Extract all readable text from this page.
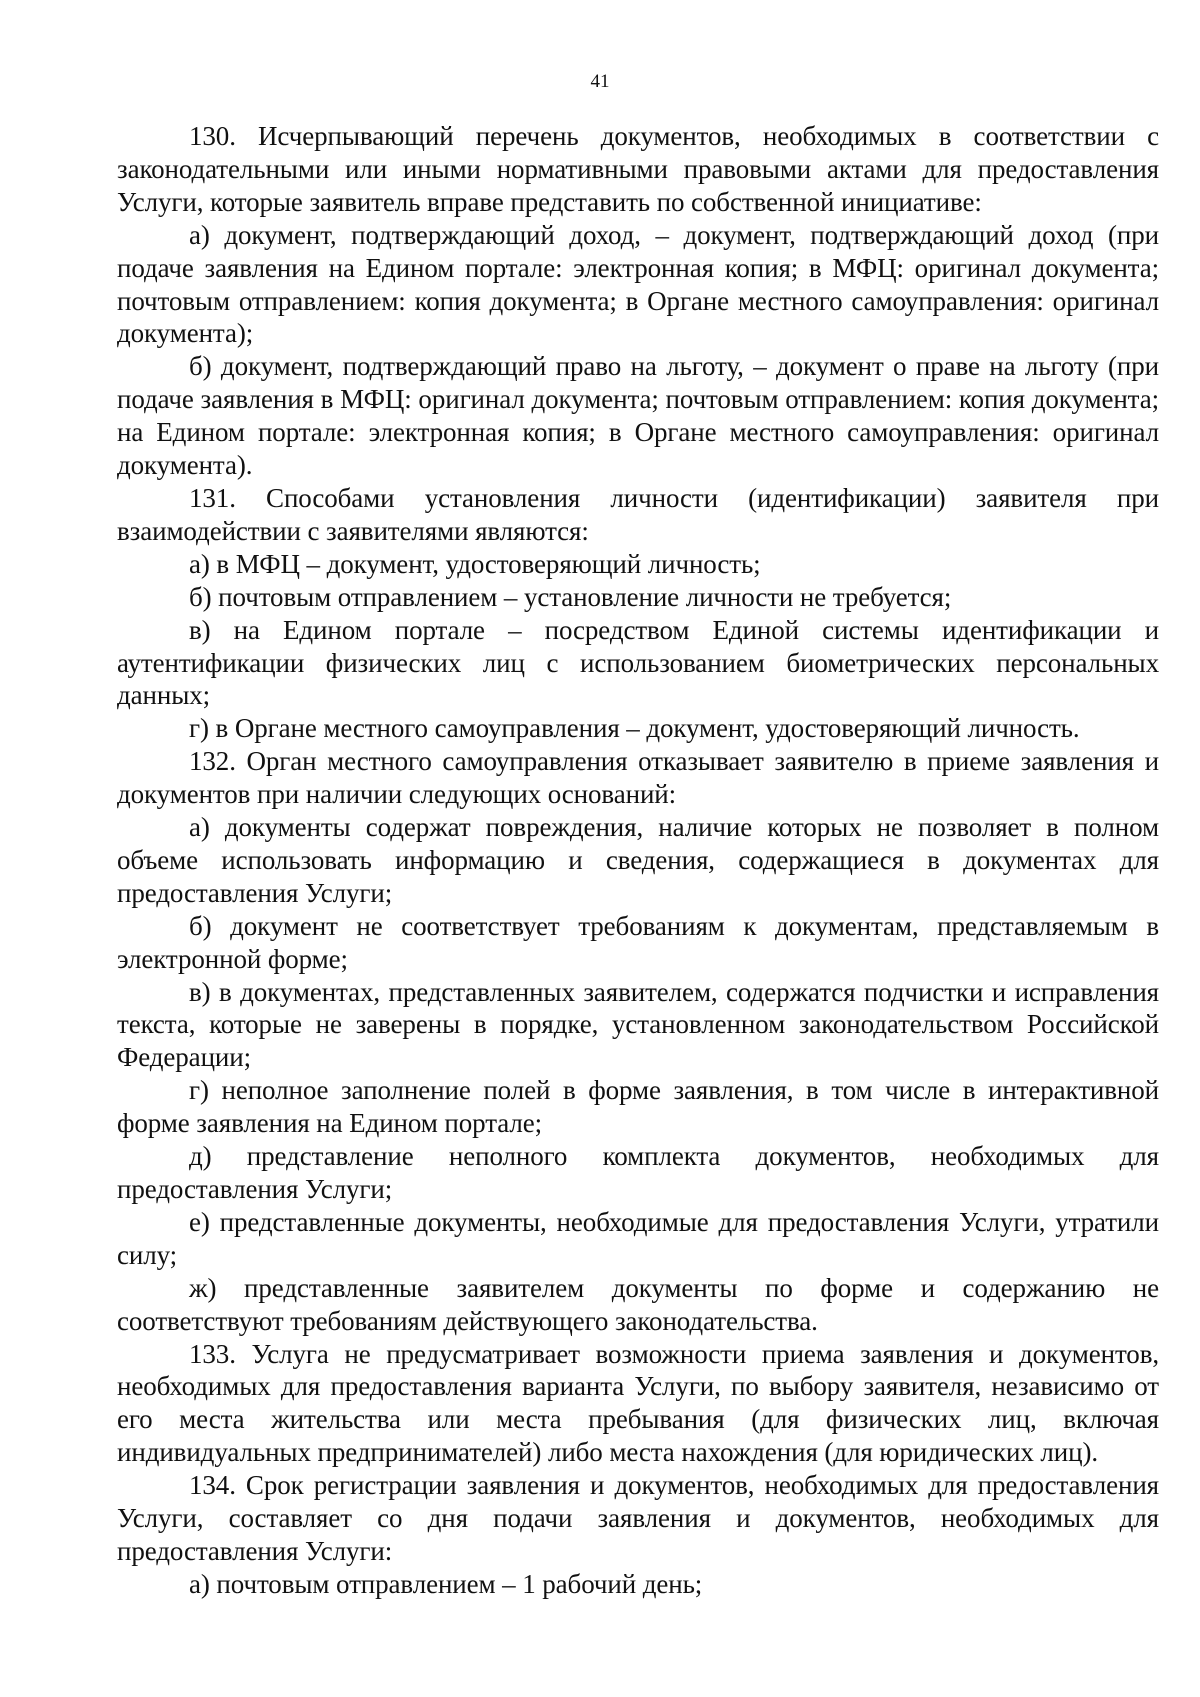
41

130. Исчерпывающий перечень документов, необходимых в соответствии с законодательными или иными нормативными правовыми актами для предоставления Услуги, которые заявитель вправе представить по собственной инициативе:

а) документ, подтверждающий доход, – документ, подтверждающий доход (при подаче заявления на Едином портале: электронная копия; в МФЦ: оригинал документа; почтовым отправлением: копия документа; в Органе местного самоуправления: оригинал документа);

б) документ, подтверждающий право на льготу, – документ о праве на льготу (при подаче заявления в МФЦ: оригинал документа; почтовым отправлением: копия документа; на Едином портале: электронная копия; в Органе местного самоуправления: оригинал документа).

131. Способами установления личности (идентификации) заявителя при взаимодействии с заявителями являются:

а) в МФЦ – документ, удостоверяющий личность;

б) почтовым отправлением – установление личности не требуется;

в) на Едином портале – посредством Единой системы идентификации и аутентификации физических лиц с использованием биометрических персональных данных;

г) в Органе местного самоуправления – документ, удостоверяющий личность.

132. Орган местного самоуправления отказывает заявителю в приеме заявления и документов при наличии следующих оснований:

а) документы содержат повреждения, наличие которых не позволяет в полном объеме использовать информацию и сведения, содержащиеся в документах для предоставления Услуги;

б) документ не соответствует требованиям к документам, представляемым в электронной форме;

в) в документах, представленных заявителем, содержатся подчистки и исправления текста, которые не заверены в порядке, установленном законодательством Российской Федерации;

г) неполное заполнение полей в форме заявления, в том числе в интерактивной форме заявления на Едином портале;

д) представление неполного комплекта документов, необходимых для предоставления Услуги;

е) представленные документы, необходимые для предоставления Услуги, утратили силу;

ж) представленные заявителем документы по форме и содержанию не соответствуют требованиям действующего законодательства.

133. Услуга не предусматривает возможности приема заявления и документов, необходимых для предоставления варианта Услуги, по выбору заявителя, независимо от его места жительства или места пребывания (для физических лиц, включая индивидуальных предпринимателей) либо места нахождения (для юридических лиц).

134. Срок регистрации заявления и документов, необходимых для предоставления Услуги, составляет со дня подачи заявления и документов, необходимых для предоставления Услуги:

а) почтовым отправлением – 1 рабочий день;
